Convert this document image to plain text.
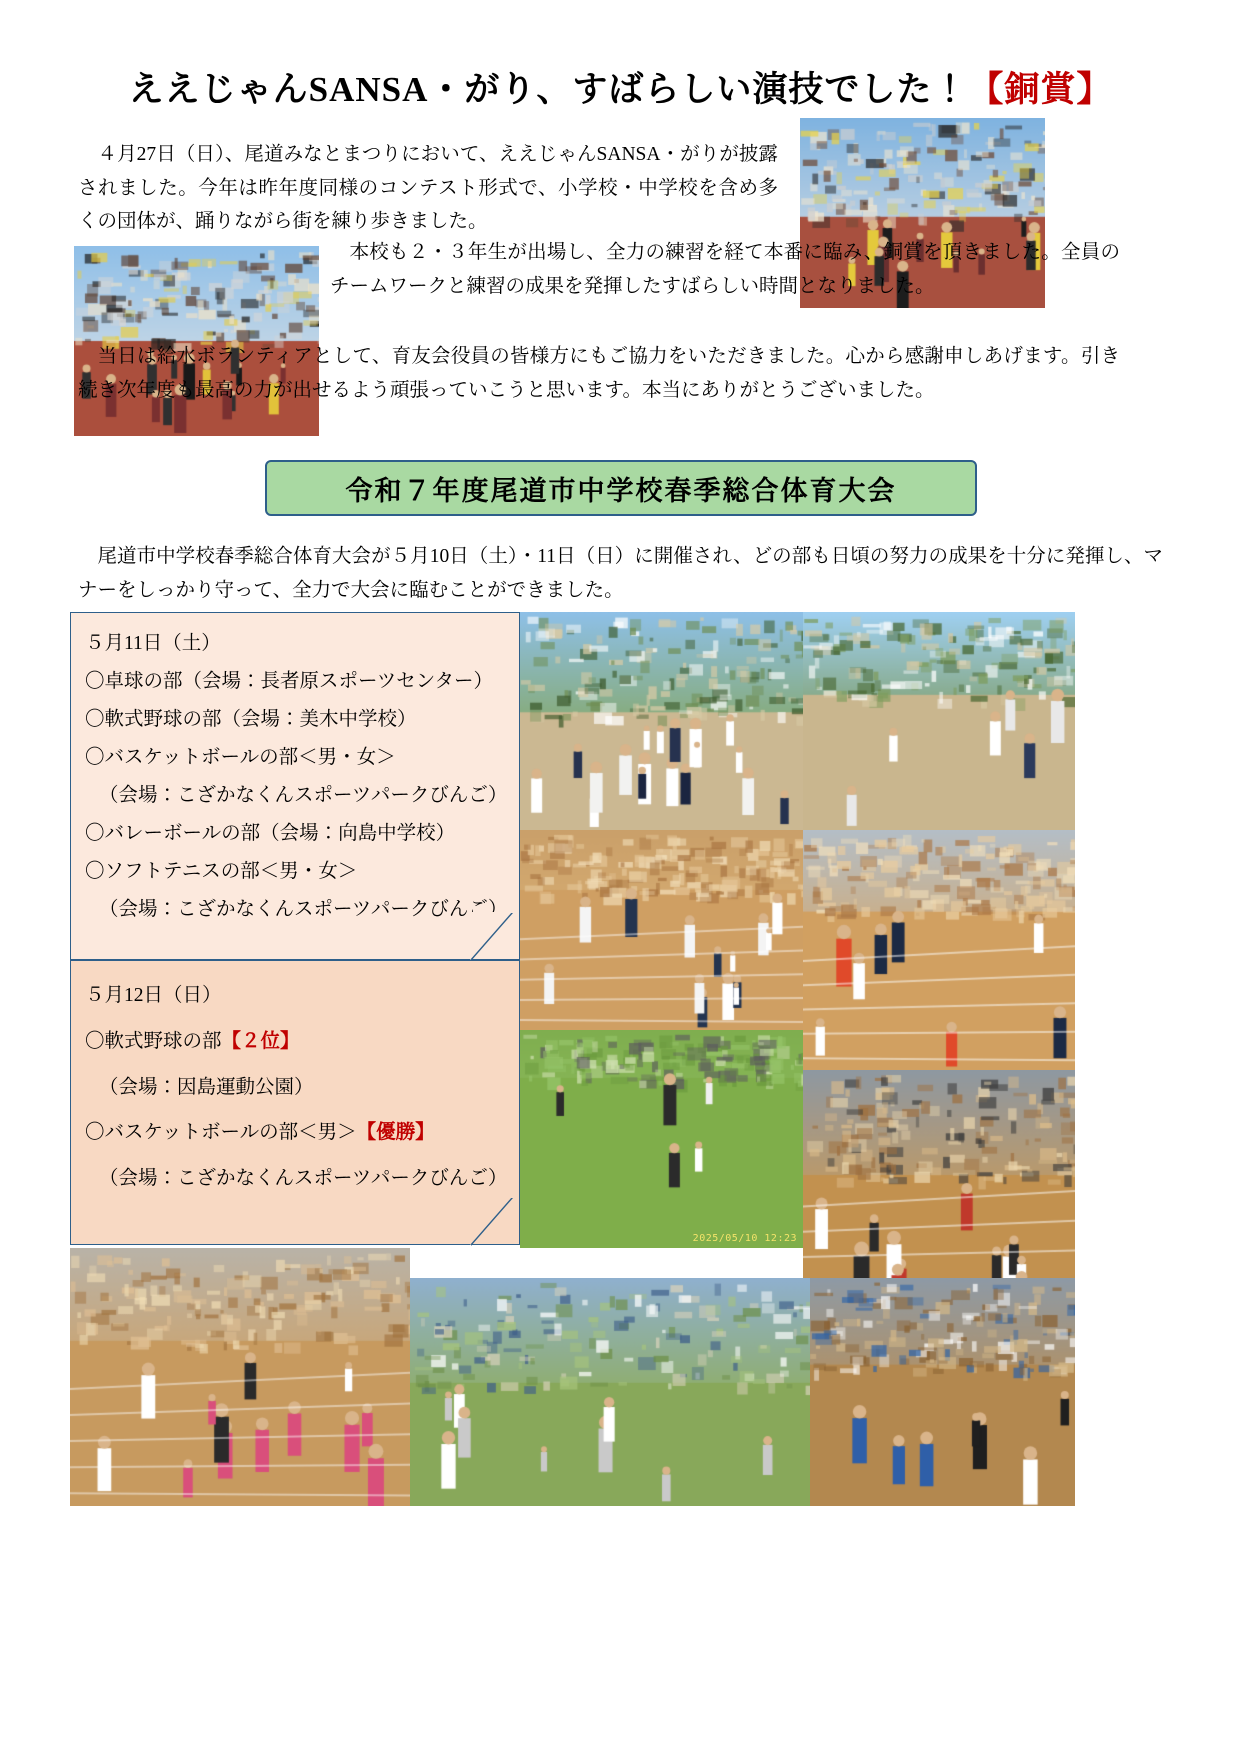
ええじゃんSANSA・がり、すばらしい演技でした！【銅賞】
４月27日（日）、尾道みなとまつりにおいて、ええじゃんSANSA・がりが披露されました。今年は昨年度同様のコンテスト形式で、小学校・中学校を含め多くの団体が、踊りながら街を練り歩きました。
本校も２・３年生が出場し、全力の練習を経て本番に臨み、銅賞を頂きました。全員のチームワークと練習の成果を発揮したすばらしい時間となりました。
当日は給水ボランティアとして、育友会役員の皆様方にもご協力をいただきました。心から感謝申しあげます。引き続き次年度も最高の力が出せるよう頑張っていこうと思います。本当にありがとうございました。
令和７年度尾道市中学校春季総合体育大会
尾道市中学校春季総合体育大会が５月10日（土）・11日（日）に開催され、どの部も日頃の努力の成果を十分に発揮し、マナーをしっかり守って、全力で大会に臨むことができました。
５月11日（土）
〇卓球の部（会場：長者原スポーツセンター）
〇軟式野球の部（会場：美木中学校）
〇バスケットボールの部＜男・女＞
（会場：こざかなくんスポーツパークびんご）
〇バレーボールの部（会場：向島中学校）
〇ソフトテニスの部＜男・女＞
（会場：こざかなくんスポーツパークびんご）
５月12日（日）
〇軟式野球の部【２位】
（会場：因島運動公園）
〇バスケットボールの部＜男＞【優勝】
（会場：こざかなくんスポーツパークびんご）
2025/05/10 12:23
